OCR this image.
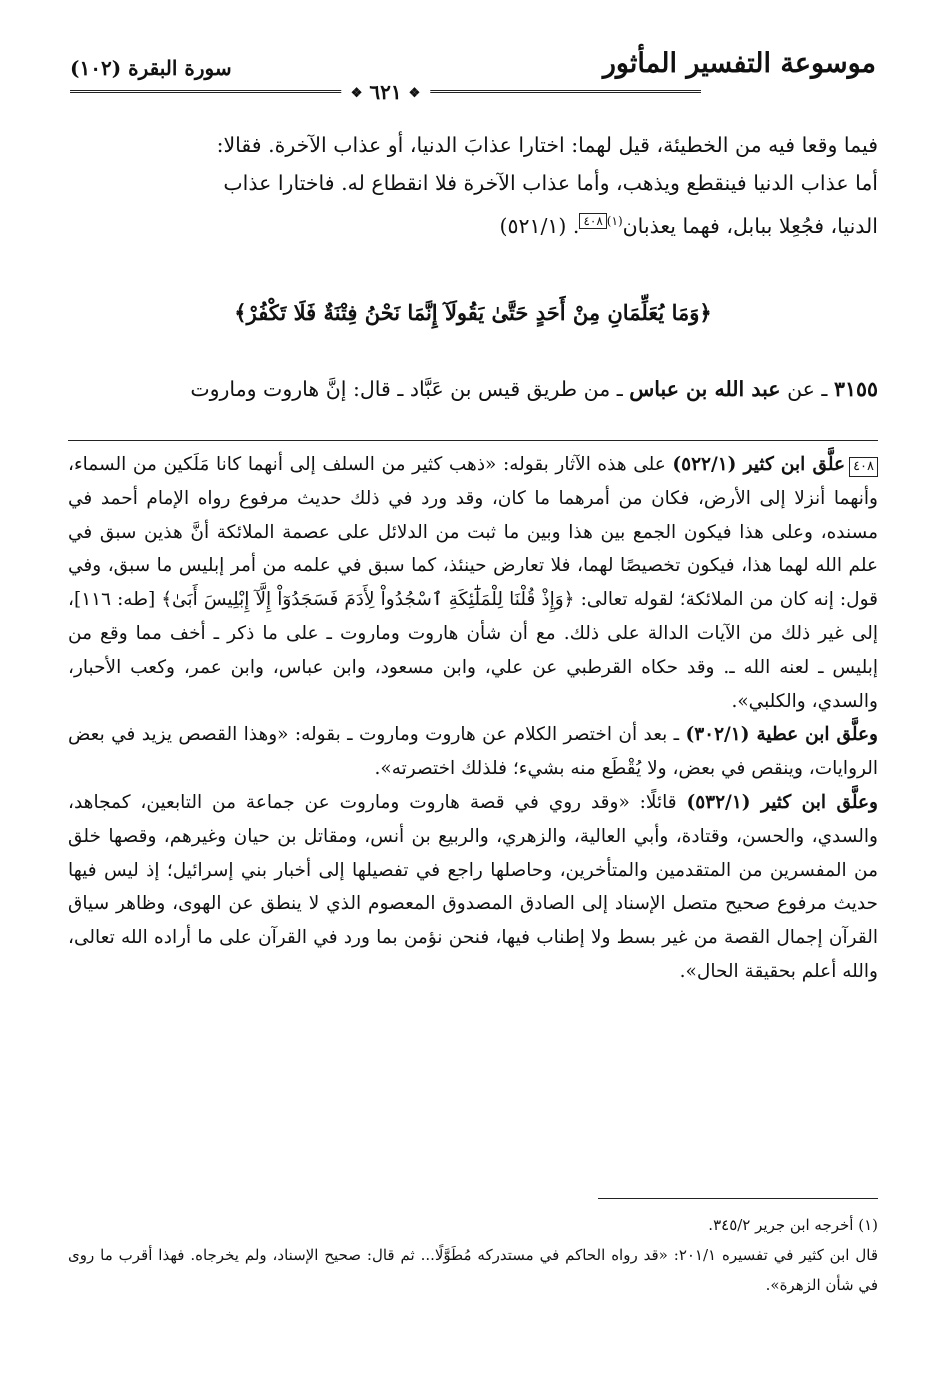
موسوعة التفسير المأثور
سورة البقرة (١٠٢)
❖ ٦٢١ ❖

فيما وقعا فيه من الخطيئة، قيل لهما: اختارا عذابَ الدنيا، أو عذاب الآخرة. فقالا:

أما عذاب الدنيا فينقطع ويذهب، وأما عذاب الآخرة فلا انقطاع له. فاختارا عذاب

الدنيا، فجُعِلا ببابل، فهما يعذبان$^{(١)}$٤٠٨. (٥٢١/١)

﴿وَمَا يُعَلِّمَانِ مِنْ أَحَدٍ حَتَّىٰ يَقُولَآ إِنَّمَا نَحْنُ فِتْنَةٌ فَلَا تَكْفُرْ﴾
٣١٥٥ ـ عن عبد الله بن عباس ـ من طريق قيس بن عَبَّاد ـ قال: إنَّ هاروت وماروت

٤٠٨علَّق ابن كثير (٥٢٢/١) على هذه الآثار بقوله: «ذهب كثير من السلف إلى أنهما كانا مَلَكين من السماء، وأنهما أنزلا إلى الأرض، فكان من أمرهما ما كان، وقد ورد في ذلك حديث مرفوع رواه الإمام أحمد في مسنده، وعلى هذا فيكون الجمع بين هذا وبين ما ثبت من الدلائل على عصمة الملائكة أنَّ هذين سبق في علم الله لهما هذا، فيكون تخصيصًا لهما، فلا تعارض حينئذ، كما سبق في علمه من أمر إبليس ما سبق، وفي قول: إنه كان من الملائكة؛ لقوله تعالى: ﴿وَإِذْ قُلْنَا لِلْمَلَٰٓئِكَةِ ٱسْجُدُواْ لِأَدَمَ فَسَجَدُوٓاْ إِلَّآ إِبْلِيسَ أَبَىٰ﴾ [طه: ١١٦]، إلى غير ذلك من الآيات الدالة على ذلك. مع أن شأن هاروت وماروت ـ على ما ذكر ـ أخف مما وقع من إبليس ـ لعنه الله ـ. وقد حكاه القرطبي عن علي، وابن مسعود، وابن عباس، وابن عمر، وكعب الأحبار، والسدي، والكلبي».

وعلَّق ابن عطية (٣٠٢/١) ـ بعد أن اختصر الكلام عن هاروت وماروت ـ بقوله: «وهذا القصص يزيد في بعض الروايات، وينقص في بعض، ولا يُقْطَع منه بشيء؛ فلذلك اختصرته».

وعلَّق ابن كثير (٥٣٢/١) قائلًا: «وقد روي في قصة هاروت وماروت عن جماعة من التابعين، كمجاهد، والسدي، والحسن، وقتادة، وأبي العالية، والزهري، والربيع بن أنس، ومقاتل بن حيان وغيرهم، وقصها خلق من المفسرين من المتقدمين والمتأخرين، وحاصلها راجع في تفصيلها إلى أخبار بني إسرائيل؛ إذ ليس فيها حديث مرفوع صحيح متصل الإسناد إلى الصادق المصدوق المعصوم الذي لا ينطق عن الهوى، وظاهر سياق القرآن إجمال القصة من غير بسط ولا إطناب فيها، فنحن نؤمن بما ورد في القرآن على ما أراده الله تعالى، والله أعلم بحقيقة الحال».

(١) أخرجه ابن جرير ٣٤٥/٢.

قال ابن كثير في تفسيره ٢٠١/١: «قد رواه الحاكم في مستدركه مُطَوَّلًا... ثم قال: صحيح الإسناد، ولم يخرجاه. فهذا أقرب ما روى في شأن الزهرة».
